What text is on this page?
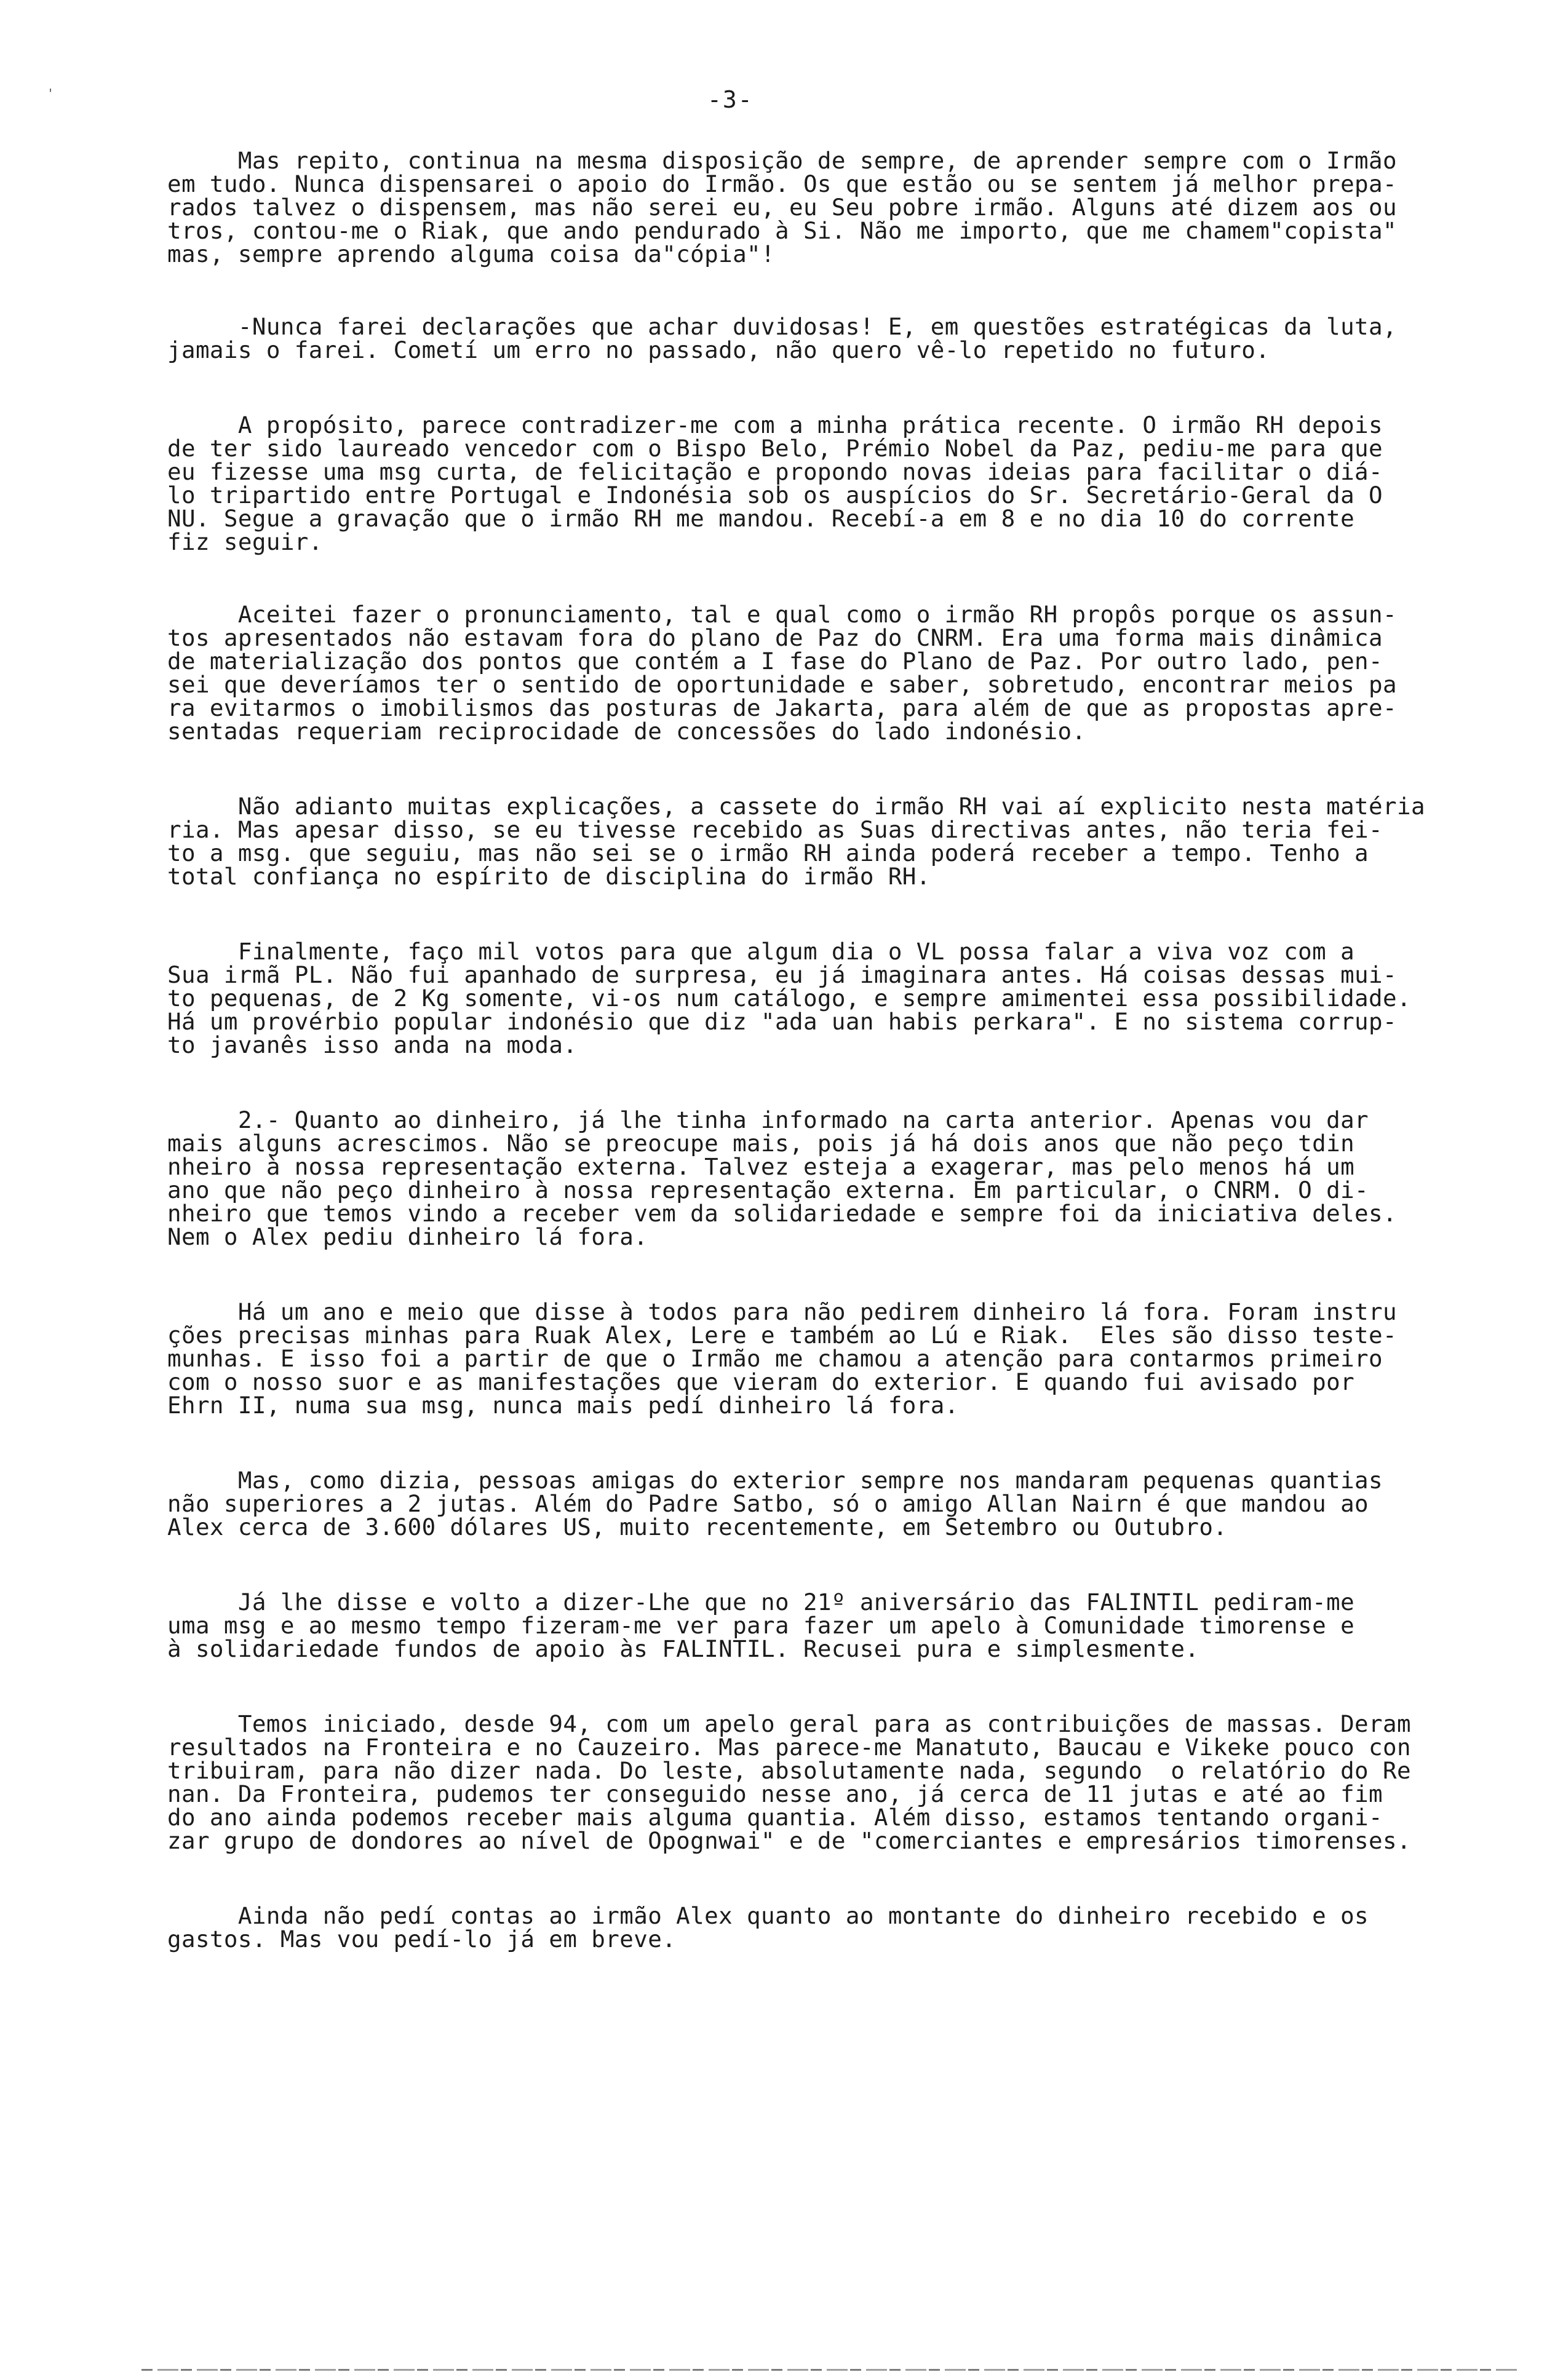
'	-3-
Mas repito, continua na mesma disposição de sempre, de aprender sempre com o Irmão
em tudo. Nunca dispensarei o apoio do Irmão. Os que estão ou se sentem já melhor prepa-
rados talvez o dispensem, mas não serei eu, eu Seu pobre irmão. Alguns até dizem aos ou
tros, contou-me o Riak, que ando pendurado à Si. Não me importo, que me chamem"copista"
mas, sempre aprendo alguma coisa da"cópia"!
-Nunca farei declarações que achar duvidosas! E, em questões estratégicas da luta,
jamais o farei. Cometí um erro no passado, não quero vê-lo repetido no futuro.
A propósito, parece contradizer-me com a minha prática recente. O irmão RH depois
de ter sido laureado vencedor com o Bispo Belo, Prémio Nobel da Paz, pediu-me para que
eu fizesse uma msg curta, de felicitação e propondo novas ideias para facilitar o diá-
lo tripartido entre Portugal e Indonésia sob os auspícios do Sr. Secretário-Geral da O
NU. Segue a gravação que o irmão RH me mandou. Recebí-a em 8 e no dia 10 do corrente
fiz seguir.
Aceitei fazer o pronunciamento, tal e qual como o irmão RH propôs porque os assun-
tos apresentados não estavam fora do plano de Paz do CNRM. Era uma forma mais dinâmica
de materialização dos pontos que contém a I fase do Plano de Paz. Por outro lado, pen-
sei que deveríamos ter o sentido de oportunidade e saber, sobretudo, encontrar meios pa
ra evitarmos o imobilismos das posturas de Jakarta, para além de que as propostas apre-
sentadas requeriam reciprocidade de concessões do lado indonésio.
Não adianto muitas explicações, a cassete do irmão RH vai aí explicito nesta matéria
ria. Mas apesar disso, se eu tivesse recebido as Suas directivas antes, não teria fei-
to a msg. que seguiu, mas não sei se o irmão RH ainda poderá receber a tempo. Tenho a
total confiança no espírito de disciplina do irmão RH.
Finalmente, faço mil votos para que algum dia o VL possa falar a viva voz com a
Sua irmã PL. Não fui apanhado de surpresa, eu já imaginara antes. Há coisas dessas mui-
to pequenas, de 2 Kg somente, vi-os num catálogo, e sempre amimentei essa possibilidade.
Há um provérbio popular indonésio que diz "ada uan habis perkara". E no sistema corrup-
to javanês isso anda na moda.
2.- Quanto ao dinheiro, já lhe tinha informado na carta anterior. Apenas vou dar
mais alguns acrescimos. Não se preocupe mais, pois já há dois anos que não peço tdin
nheiro à nossa representação externa. Talvez esteja a exagerar, mas pelo menos há um
ano que não peço dinheiro à nossa representação externa. Em particular, o CNRM. O di-
nheiro que temos vindo a receber vem da solidariedade e sempre foi da iniciativa deles.
Nem o Alex pediu dinheiro lá fora.
Há um ano e meio que disse à todos para não pedirem dinheiro lá fora. Foram instru
ções precisas minhas para Ruak Alex, Lere e também ao Lú e Riak.  Eles são disso teste-
munhas. E isso foi a partir de que o Irmão me chamou a atenção para contarmos primeiro
com o nosso suor e as manifestações que vieram do exterior. E quando fui avisado por
Ehrn II, numa sua msg, nunca mais pedí dinheiro lá fora.
Mas, como dizia, pessoas amigas do exterior sempre nos mandaram pequenas quantias
não superiores a 2 jutas. Além do Padre Satbo, só o amigo Allan Nairn é que mandou ao
Alex cerca de 3.600 dólares US, muito recentemente, em Setembro ou Outubro.
Já lhe disse e volto a dizer-Lhe que no 21º aniversário das FALINTIL pediram-me
uma msg e ao mesmo tempo fizeram-me ver para fazer um apelo à Comunidade timorense e
à solidariedade fundos de apoio às FALINTIL. Recusei pura e simplesmente.
Temos iniciado, desde 94, com um apelo geral para as contribuições de massas. Deram
resultados na Fronteira e no Cauzeiro. Mas parece-me Manatuto, Baucau e Vikeke pouco con
tribuiram, para não dizer nada. Do leste, absolutamente nada, segundo  o relatório do Re
nan. Da Fronteira, pudemos ter conseguido nesse ano, já cerca de 11 jutas e até ao fim
do ano ainda podemos receber mais alguma quantia. Além disso, estamos tentando organi-
zar grupo de dondores ao nível de Opognwai" e de "comerciantes e empresários timorenses.
Ainda não pedí contas ao irmão Alex quanto ao montante do dinheiro recebido e os
gastos. Mas vou pedí-lo já em breve.
